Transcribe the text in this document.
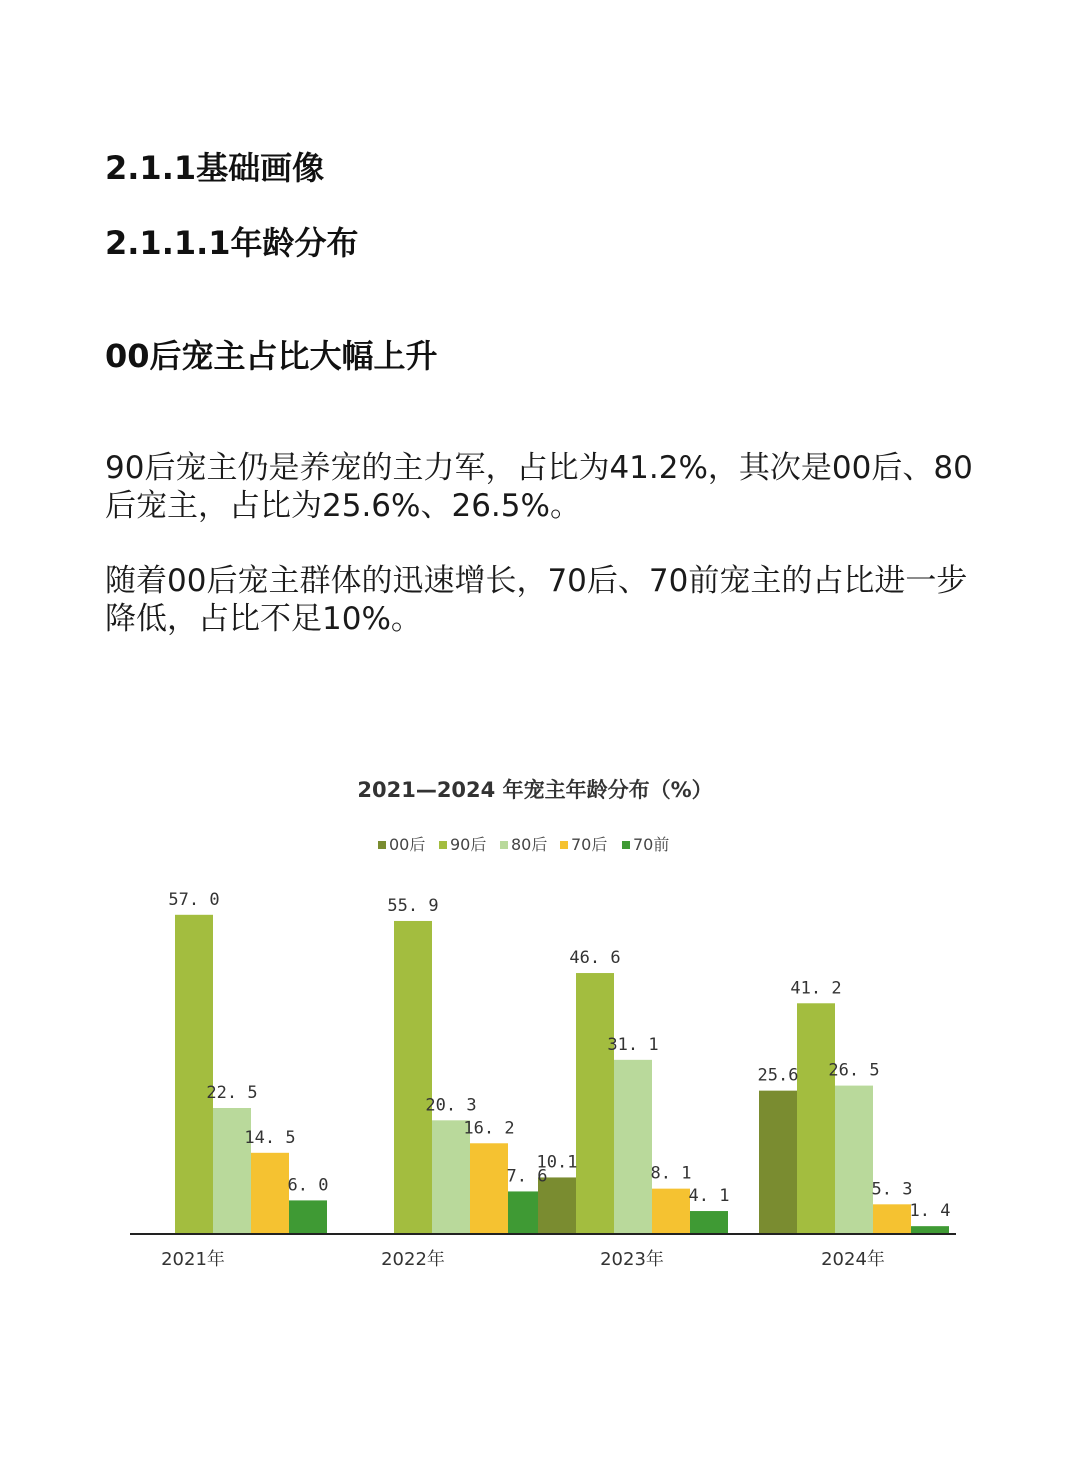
2.1.1基础画像
2.1.1.1年龄分布
00后宠主占比大幅上升

90后宠主仍是养宠的主力军，占比为41.2%，其次是00后、80后宠主，占比为25.6%、26.5%。

随着00后宠主群体的迅速增长，70后、70前宠主的占比进一步降低，占比不足10%。

2021—2024 年宠主年龄分布（%）
00后 90后 80后 70后 70前
57. 0
22. 5
14. 5
6. 0
55. 9
20. 3
16. 2
7. 6
10.1
46. 6
31. 1
8. 1
4. 1
25.6
41. 2
26. 5
5. 3
1. 4
2021年	2022年	2023年	2024年
